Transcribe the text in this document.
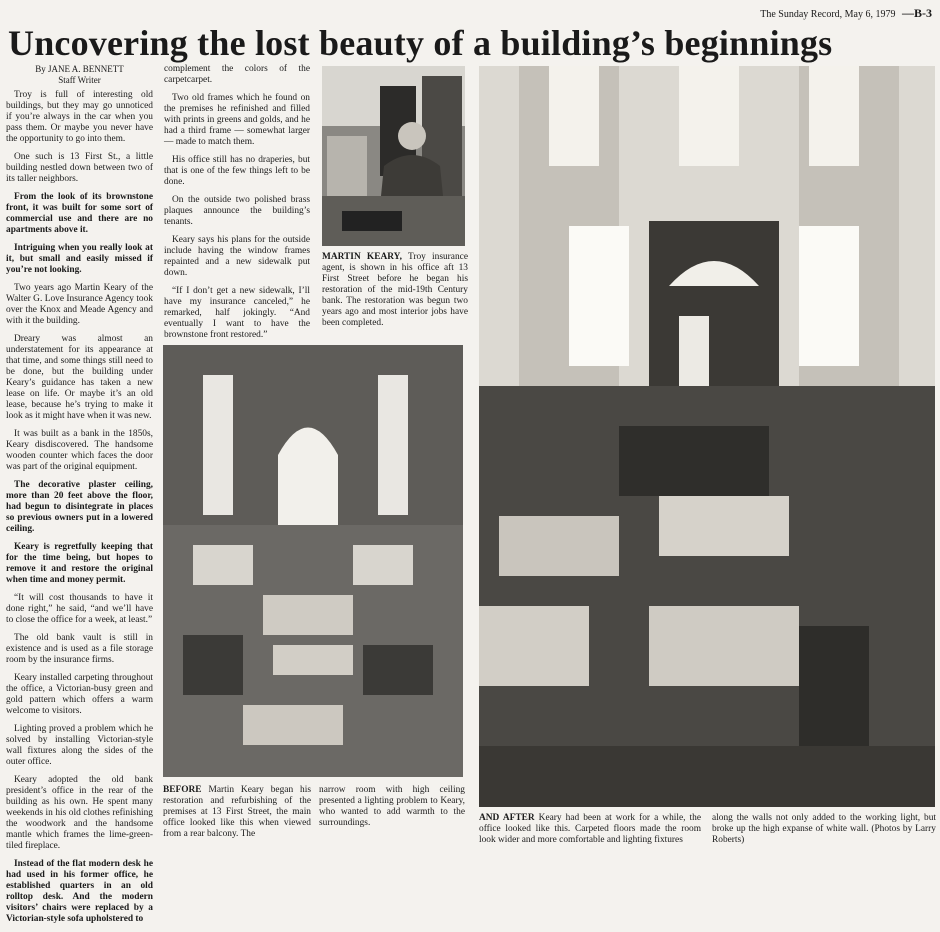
The Sunday Record, May 6, 1979 —B-3
Uncovering the lost beauty of a building’s beginnings
By JANE A. BENNETT
Staff Writer

Troy is full of interesting old buildings, but they may go unnoticed if you’re always in the car when you pass them. Or maybe you never have the opportunity to go into them.

One such is 13 First St., a little building nestled down between two of its taller neighbors.

From the look of its brownstone front, it was built for some sort of commercial use and there are no apartments above it.

Intriguing when you really look at it, but small and easily missed if you’re not looking.

Two years ago Martin Keary of the Walter G. Love Insurance Agency took over the Knox and Meade Agency and with it the building.

Dreary was almost an understatement for its appearance at that time, and some things still need to be done, but the building under Keary’s guidance has taken a new lease on life. Or maybe it’s an old lease, because he’s trying to make it look as it might have when it was new.

It was built as a bank in the 1850s, Keary disdiscovered. The handsome wooden counter which faces the door was part of the original equipment.

The decorative plaster ceiling, more than 20 feet above the floor, had begun to disintegrate in places so previous owners put in a lowered ceiling.

Keary is regretfully keeping that for the time being, but hopes to remove it and restore the original when time and money permit.

“It will cost thousands to have it done right,” he said, “and we’ll have to close the office for a week, at least.”

The old bank vault is still in existence and is used as a file storage room by the insurance firms.

Keary installed carpeting throughout the office, a Victorian-busy green and gold pattern which offers a warm welcome to visitors.

Lighting proved a problem which he solved by installing Victorian-style wall fixtures along the sides of the outer office.

Keary adopted the old bank president’s office in the rear of the building as his own. He spent many weekends in his old clothes refinishing the woodwork and the handsome mantle which frames the lime-green-tiled fireplace.

Instead of the flat modern desk he had used in his former office, he established quarters in an old rolltop desk. And the modern visitors’ chairs were replaced by a Victorian-style sofa upholstered to

complement the colors of the carpetcarpet.

Two old frames which he found on the premises he refinished and filled with prints in greens and golds, and he had a third frame — somewhat larger — made to match them.

His office still has no draperies, but that is one of the few things left to be done.

On the outside two polished brass plaques announce the building’s tenants.

Keary says his plans for the outside include having the window frames repainted and a new sidewalk put down.

“If I don’t get a new sidewalk, I’ll have my insurance canceled,” he remarked, half jokingly. “And eventually I want to have the brownstone front restored.”

MARTIN KEARY, Troy insurance agent, is shown in his office aft 13 First Street before he began his restoration of the mid-19th Century bank. The restoration was begun two years ago and most interior jobs have been completed.
BEFORE Martin Keary began his restoration and refurbishing of the premises at 13 First Street, the main office looked like this when viewed from a rear balcony. The
narrow room with high ceiling presented a lighting problem to Keary, who wanted to add warmth to the surroundings.	AND AFTER Keary had been at work for a while, the office looked like this. Carpeted floors made the room look wider and more comfortable and lighting fixtures
along the walls not only added to the working light, but broke up the high expanse of white wall. (Photos by Larry Roberts)
